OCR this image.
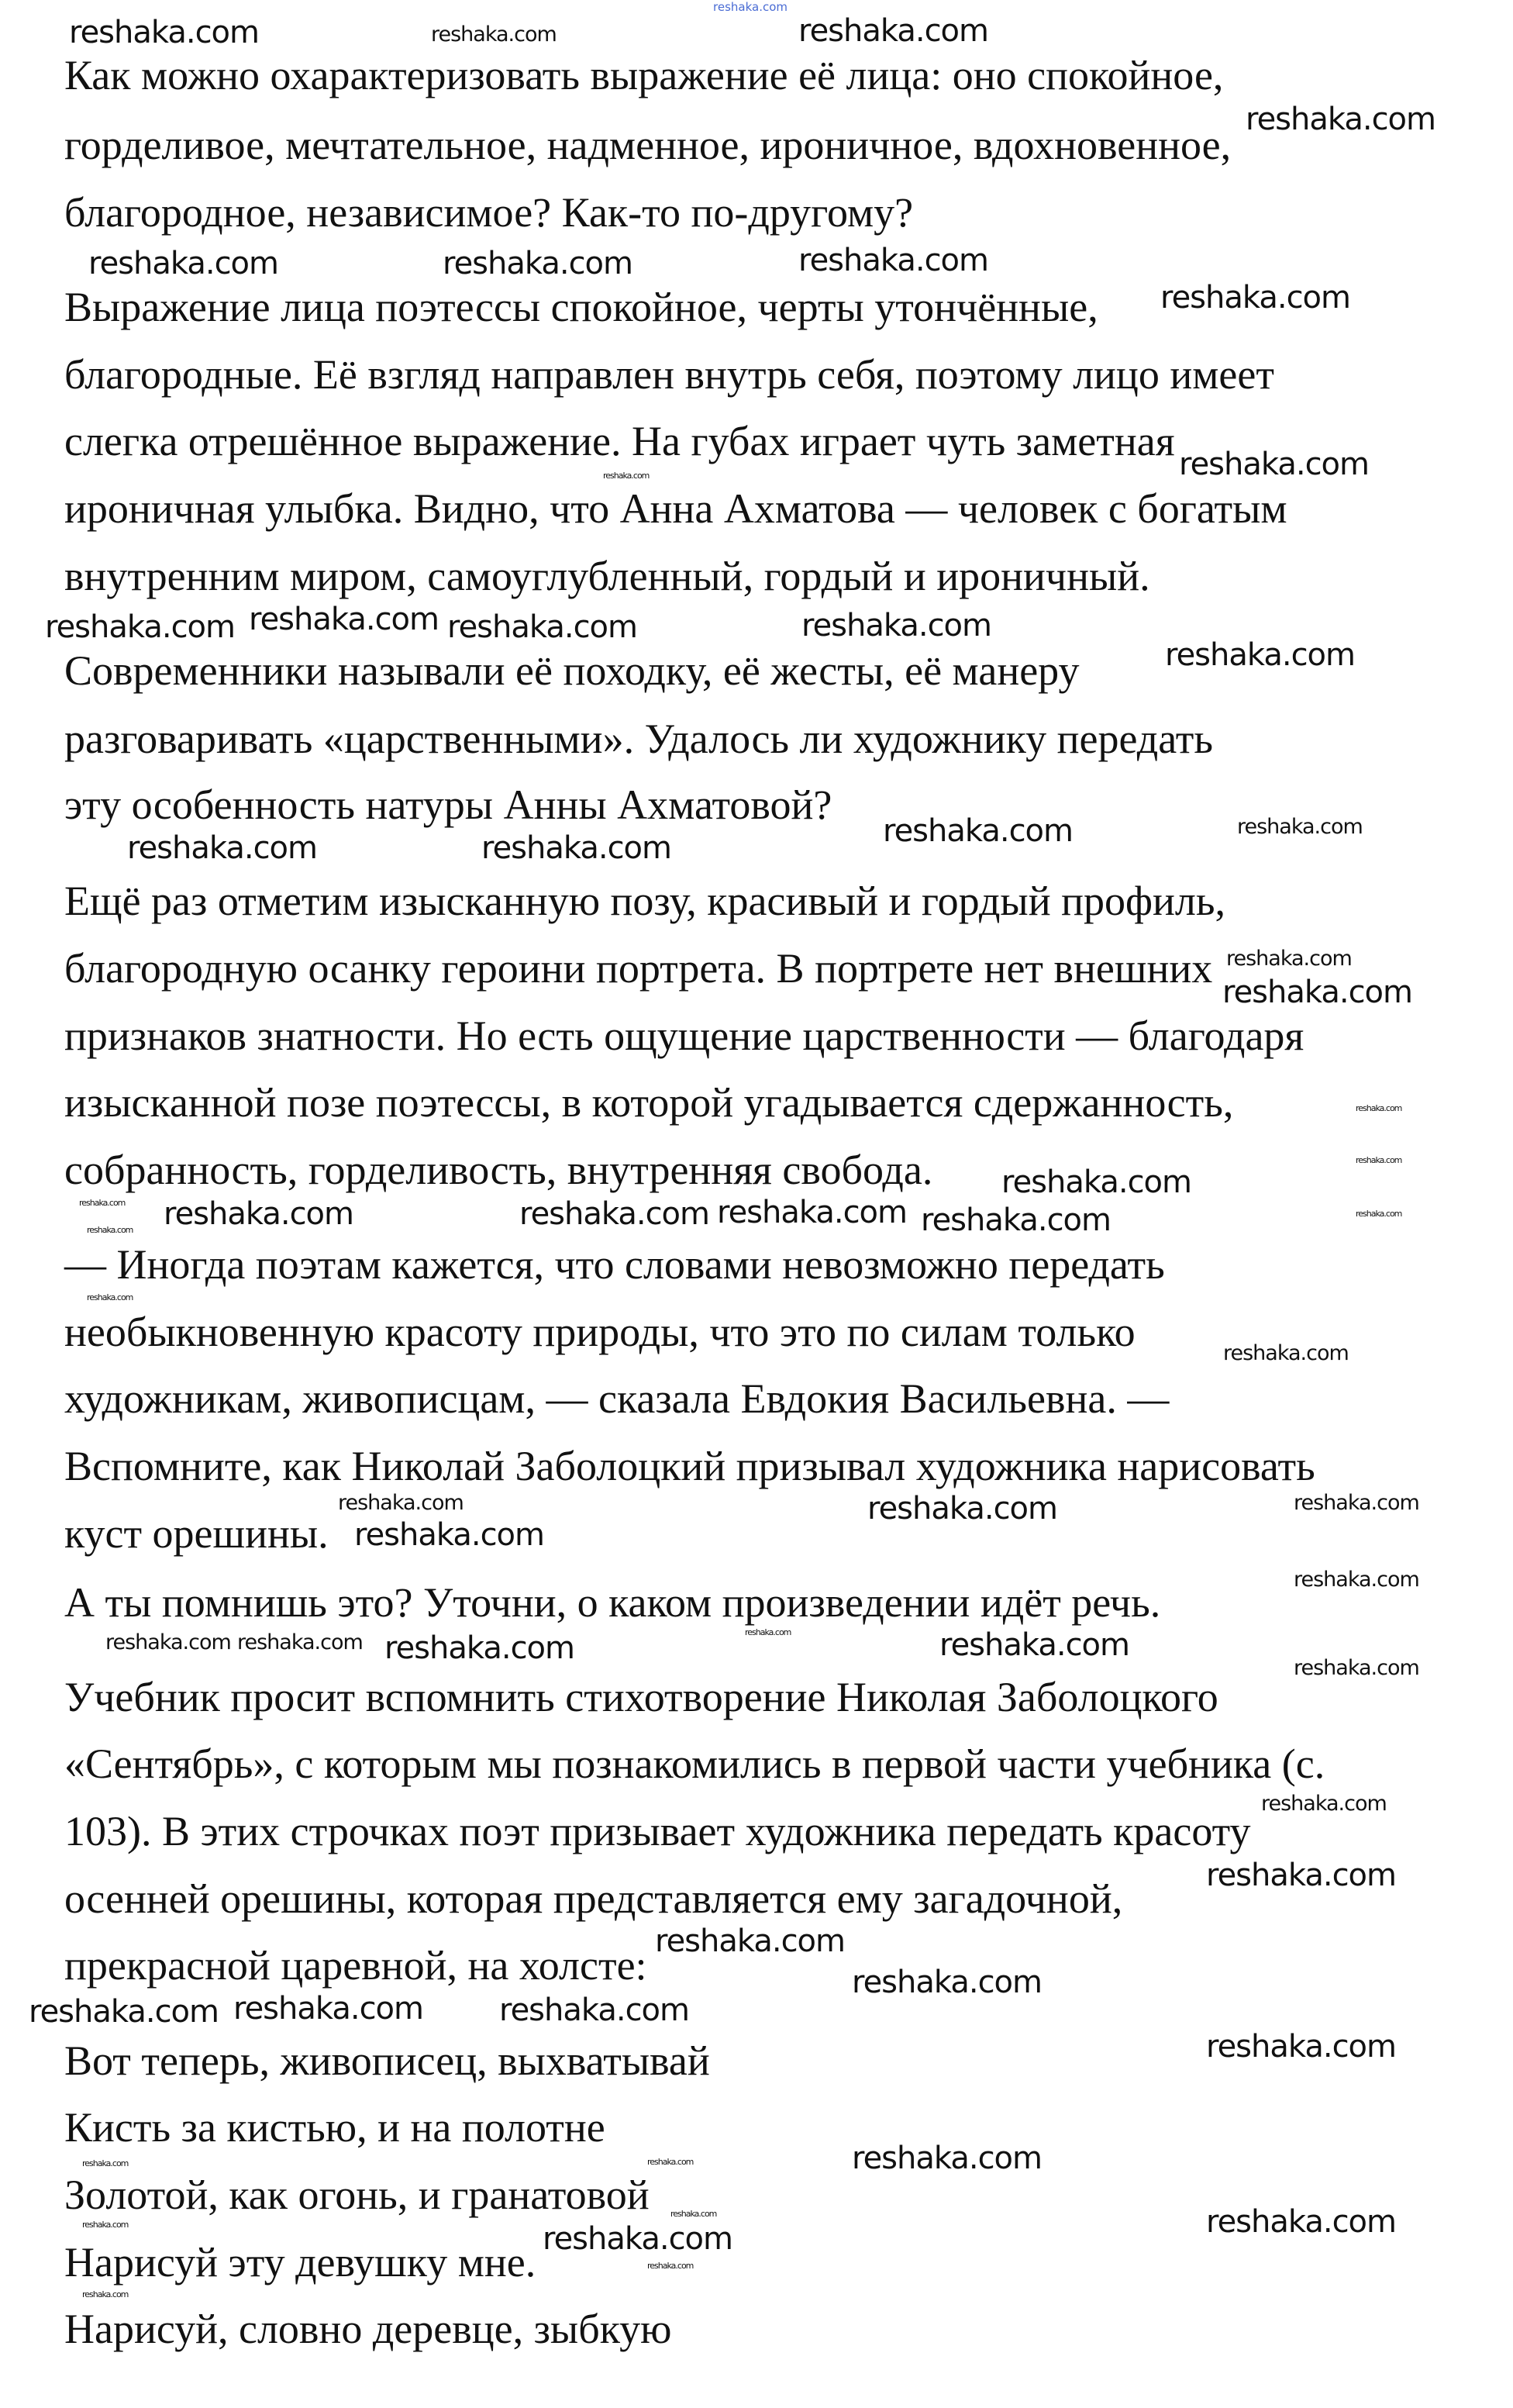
reshaka.com
Как можно охарактеризовать выражение её лица: оно спокойное,
горделивое, мечтательное, надменное, ироничное, вдохновенное,
благородное, независимое? Как-то по-другому?
Выражение лица поэтессы спокойное, черты утончённые,
благородные. Её взгляд направлен внутрь себя, поэтому лицо имеет
слегка отрешённое выражение. На губах играет чуть заметная
ироничная улыбка. Видно, что Анна Ахматова — человек с богатым
внутренним миром, самоуглубленный, гордый и ироничный.
Современники называли её походку, её жесты, её манеру
разговаривать «царственными». Удалось ли художнику передать
эту особенность натуры Анны Ахматовой?
Ещё раз отметим изысканную позу, красивый и гордый профиль,
благородную осанку героини портрета. В портрете нет внешних
признаков знатности. Но есть ощущение царственности — благодаря
изысканной позе поэтессы, в которой угадывается сдержанность,
собранность, горделивость, внутренняя свобода.
— Иногда поэтам кажется, что словами невозможно передать
необыкновенную красоту природы, что это по силам только
художникам, живописцам, — сказала Евдокия Васильевна. —
Вспомните, как Николай Заболоцкий призывал художника нарисовать
куст орешины.
А ты помнишь это? Уточни, о каком произведении идёт речь.
Учебник просит вспомнить стихотворение Николая Заболоцкого
«Сентябрь», с которым мы познакомились в первой части учебника (с.
103). В этих строчках поэт призывает художника передать красоту
осенней орешины, которая представляется ему загадочной,
прекрасной царевной, на холсте:
Вот теперь, живописец, выхватывай
Кисть за кистью, и на полотне
Золотой, как огонь, и гранатовой
Нарисуй эту девушку мне.
Нарисуй, словно деревце, зыбкую
reshaka.com	reshaka.com	reshaka.com
reshaka.com
reshaka.com	reshaka.com
reshaka.com
reshaka.com
reshaka.com
reshaka.com	reshaka.com
reshaka.com	reshaka.com	reshaka.com
reshaka.com
reshaka.com	reshaka.com	reshaka.com	reshaka.com
reshaka.com	reshaka.com
reshaka.com
reshaka.com
reshaka.com
reshaka.com
reshaka.com
reshaka.com
reshaka.com	reshaka.com
reshaka.com	reshaka.com
reshaka.com
reshaka.com
reshaka.com
reshaka.com
reshaka.com	reshaka.com
reshaka.com
reshaka.com
reshaka.com
reshaka.com reshaka.com	reshaka.com
reshaka.com
reshaka.com
reshaka.com
reshaka.com
reshaka.com
reshaka.com	reshaka.com
reshaka.com
reshaka.com
reshaka.com
reshaka.com	reshaka.com
reshaka.com
reshaka.com	reshaka.com
reshaka.com
reshaka.com
reshaka.com
